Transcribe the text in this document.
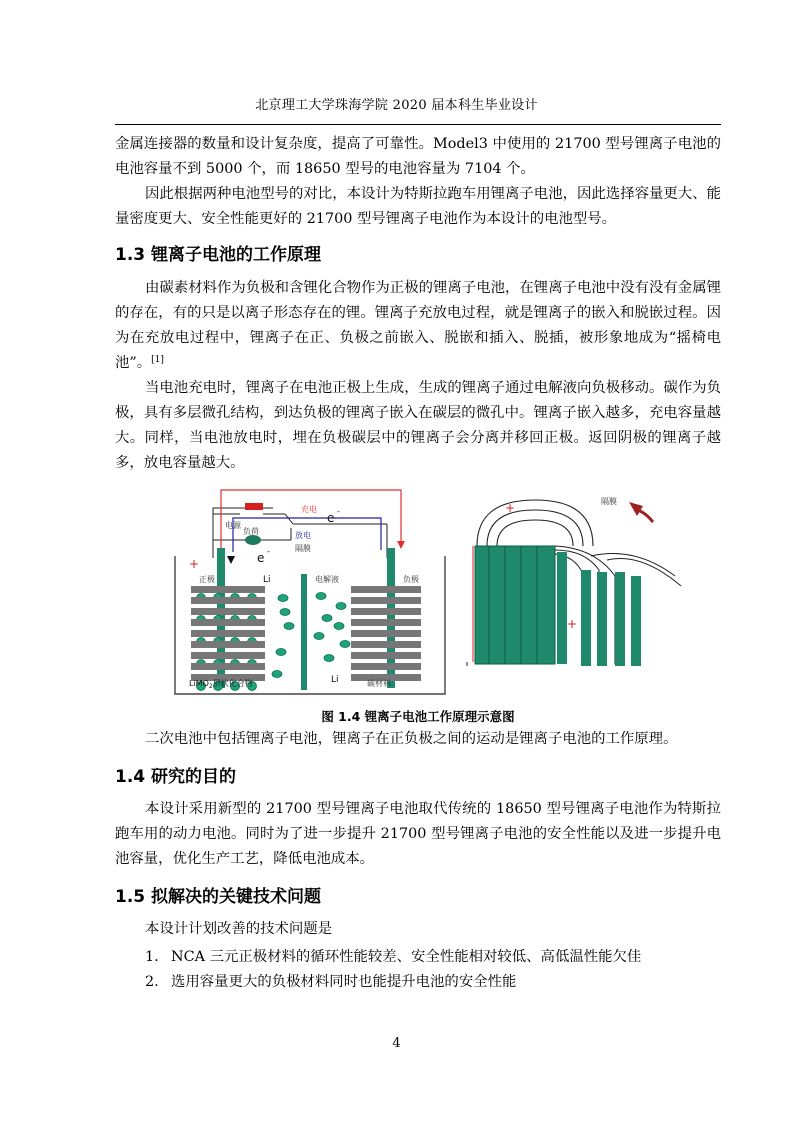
北京理工大学珠海学院 2020 届本科生毕业设计

金属连接器的数量和设计复杂度，提高了可靠性。Model3 中使用的 21700 型号锂离子电池的电池容量不到 5000 个，而 18650 型号的电池容量为 7104 个。

因此根据两种电池型号的对比，本设计为特斯拉跑车用锂离子电池，因此选择容量更大、能量密度更大、安全性能更好的 21700 型号锂离子电池作为本设计的电池型号。

1.3 锂离子电池的工作原理

由碳素材料作为负极和含锂化合物作为正极的锂离子电池，在锂离子电池中没有没有金属锂的存在，有的只是以离子形态存在的锂。锂离子充放电过程，就是锂离子的嵌入和脱嵌过程。因为在充放电过程中，锂离子在正、负极之前嵌入、脱嵌和插入、脱插，被形象地成为“摇椅电池”。[1]

当电池充电时，锂离子在电池正极上生成，生成的锂离子通过电解液向负极移动。碳作为负极，具有多层微孔结构，到达负极的锂离子嵌入在碳层的微孔中。锂离子嵌入越多，充电容量越大。同样，当电池放电时，埋在负极碳层中的锂离子会分离并移回正极。返回阴极的锂离子越多，放电容量越大。

电源
负荷
充电
放电
隔膜
e -
e -
+
正极	负极
电解液
Li
Li
LiMO$_2$层状化合物	碳材料
隔膜
+
+
图 1.4 锂离子电池工作原理示意图

二次电池中包括锂离子电池，锂离子在正负极之间的运动是锂离子电池的工作原理。

1.4 研究的目的

本设计采用新型的 21700 型号锂离子电池取代传统的 18650 型号锂离子电池作为特斯拉跑车用的动力电池。同时为了进一步提升 21700 型号锂离子电池的安全性能以及进一步提升电池容量，优化生产工艺，降低电池成本。

1.5 拟解决的关键技术问题

本设计计划改善的技术问题是

1. NCA 三元正极材料的循环性能较差、安全性能相对较低、高低温性能欠佳
2. 选用容量更大的负极材料同时也能提升电池的安全性能
4
